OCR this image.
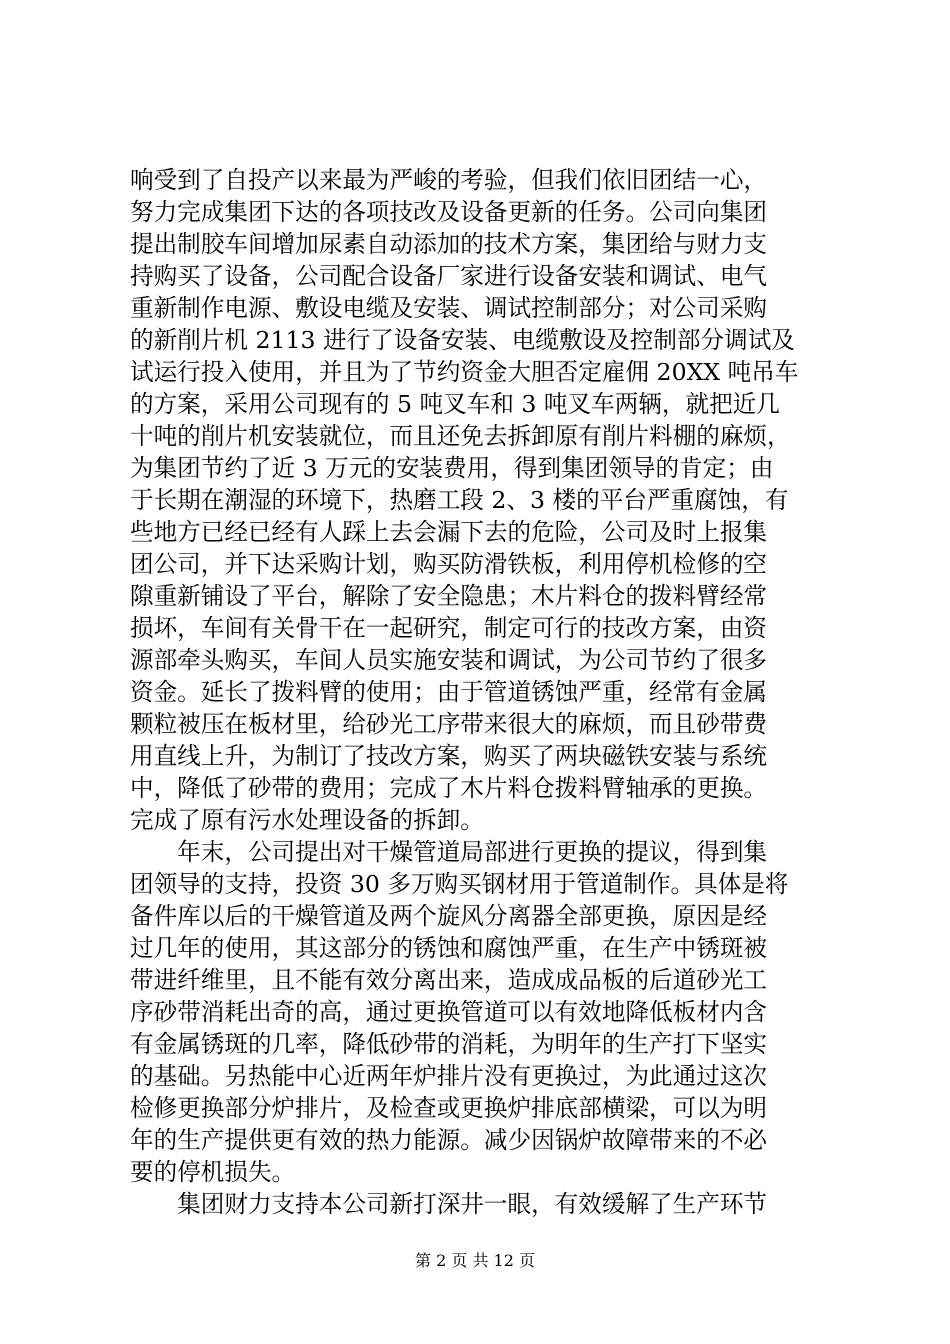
响受到了自投产以来最为严峻的考验，但我们依旧团结一心，
努力完成集团下达的各项技改及设备更新的任务。公司向集团
提出制胶车间增加尿素自动添加的技术方案，集团给与财力支
持购买了设备，公司配合设备厂家进行设备安装和调试、电气
重新制作电源、敷设电缆及安装、调试控制部分；对公司采购
的新削片机 2113 进行了设备安装、电缆敷设及控制部分调试及
试运行投入使用，并且为了节约资金大胆否定雇佣 20XX 吨吊车
的方案，采用公司现有的 5 吨叉车和 3 吨叉车两辆，就把近几
十吨的削片机安装就位，而且还免去拆卸原有削片料棚的麻烦，
为集团节约了近 3 万元的安装费用，得到集团领导的肯定；由
于长期在潮湿的环境下，热磨工段 2、3 楼的平台严重腐蚀，有
些地方已经已经有人踩上去会漏下去的危险，公司及时上报集
团公司，并下达采购计划，购买防滑铁板，利用停机检修的空
隙重新铺设了平台，解除了安全隐患；木片料仓的拨料臂经常
损坏，车间有关骨干在一起研究，制定可行的技改方案，由资
源部牵头购买，车间人员实施安装和调试，为公司节约了很多
资金。延长了拨料臂的使用；由于管道锈蚀严重，经常有金属
颗粒被压在板材里，给砂光工序带来很大的麻烦，而且砂带费
用直线上升，为制订了技改方案，购买了两块磁铁安装与系统
中，降低了砂带的费用；完成了木片料仓拨料臂轴承的更换。
完成了原有污水处理设备的拆卸。
　　年末，公司提出对干燥管道局部进行更换的提议，得到集
团领导的支持，投资 30 多万购买钢材用于管道制作。具体是将
备件库以后的干燥管道及两个旋风分离器全部更换，原因是经
过几年的使用，其这部分的锈蚀和腐蚀严重，在生产中锈斑被
带进纤维里，且不能有效分离出来，造成成品板的后道砂光工
序砂带消耗出奇的高，通过更换管道可以有效地降低板材内含
有金属锈斑的几率，降低砂带的消耗，为明年的生产打下坚实
的基础。另热能中心近两年炉排片没有更换过，为此通过这次
检修更换部分炉排片，及检查或更换炉排底部横梁，可以为明
年的生产提供更有效的热力能源。减少因锅炉故障带来的不必
要的停机损失。
　　集团财力支持本公司新打深井一眼，有效缓解了生产环节
第 2 页 共 12 页
